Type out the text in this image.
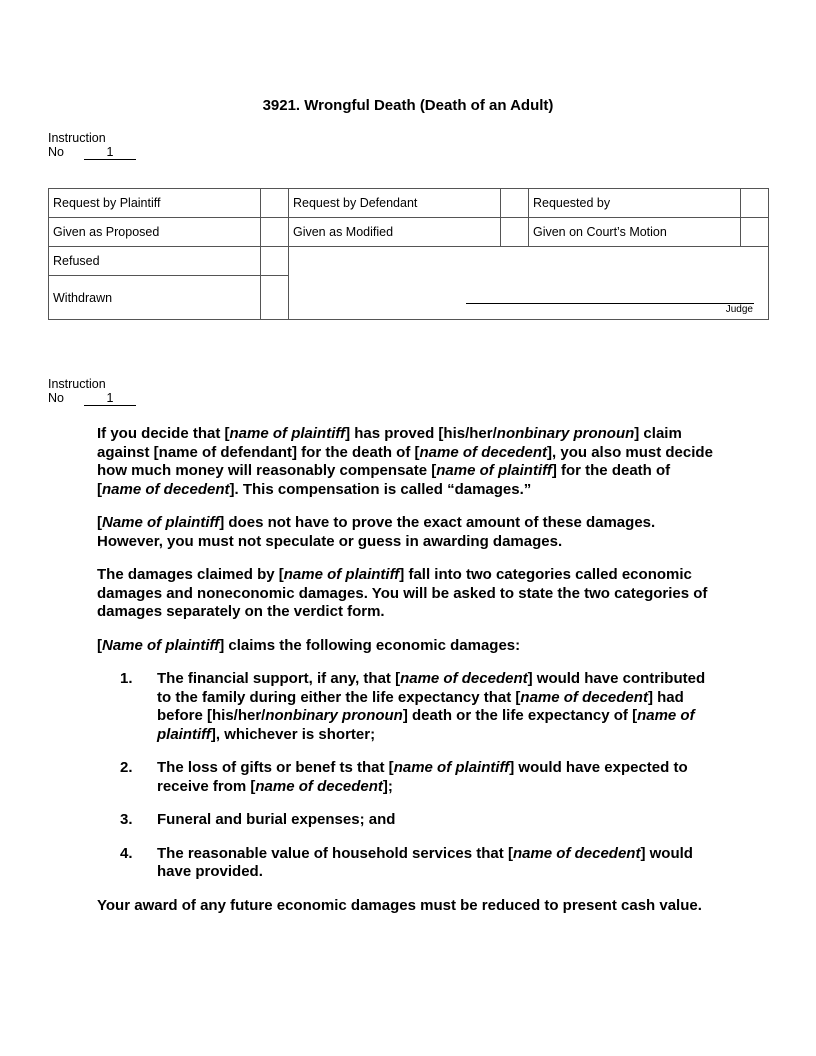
3921. Wrongful Death (Death of an Adult)
Instruction
No	1
Request by Plaintiff		Request by Defendant		Requested by	
Given as Proposed		Given as Modified		Given on Court’s Motion	
Refused		Judge			

Withdrawn					
Instruction
No	1

If you decide that [name of plaintiff] has proved [his/her/nonbinary pronoun] claim against [name of defendant] for the death of [name of decedent], you also must decide how much money will reasonably compensate [name of plaintiff] for the death of [name of decedent]. This compensation is called “damages.”

[Name of plaintiff] does not have to prove the exact amount of these damages. However, you must not speculate or guess in awarding damages.

The damages claimed by [name of plaintiff] fall into two categories called economic damages and noneconomic damages. You will be asked to state the two categories of damages separately on the verdict form.

[Name of plaintiff] claims the following economic damages:

1.	The financial support, if any, that [name of decedent] would have contributed to the family during either the life expectancy that [name of decedent] had before [his/her/nonbinary pronoun] death or the life expectancy of [name of plaintiff], whichever is shorter;
2.	The loss of gifts or benef ts that [name of plaintiff] would have expected to receive from [name of decedent];
3.	Funeral and burial expenses; and
4.	The reasonable value of household services that [name of decedent] would have provided.

Your award of any future economic damages must be reduced to present cash value.
